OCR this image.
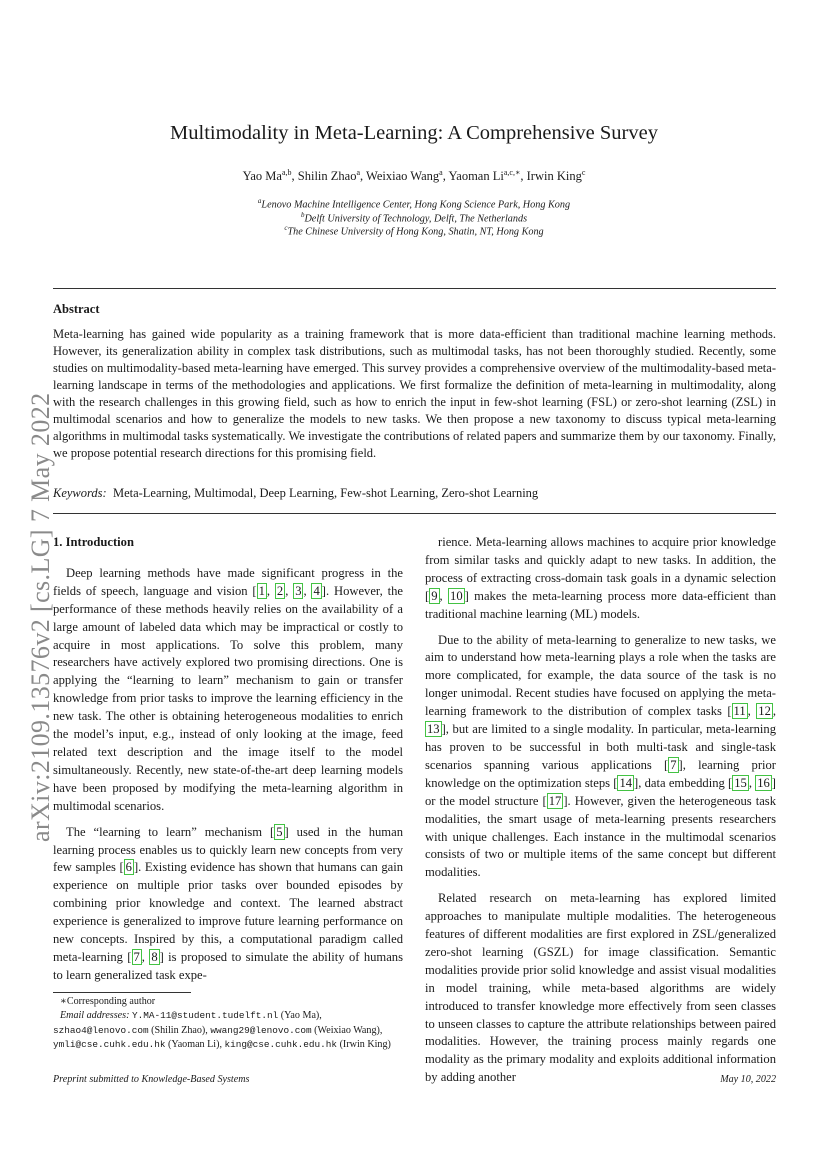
arXiv:2109.13576v2 [cs.LG] 7 May 2022
Multimodality in Meta-Learning: A Comprehensive Survey
Yao Ma$^{a,b}$, Shilin Zhao$^a$, Weixiao Wang$^a$, Yaoman $Li^{a,c,∗}$, Irwin King$^c$
$^a$Lenovo Machine Intelligence Center, Hong Kong Science Park, Hong Kong
$^b$Delft University of Technology, Delft, The Netherlands
$^c$The Chinese University of Hong Kong, Shatin, NT, Hong Kong
Abstract
Meta-learning has gained wide popularity as a training framework that is more data-efficient than traditional machine learning methods. However, its generalization ability in complex task distributions, such as multimodal tasks, has not been thoroughly studied. Recently, some studies on multimodality-based meta-learning have emerged. This survey provides a comprehensive overview of the multimodality-based meta-learning landscape in terms of the methodologies and applications. We first formalize the definition of meta-learning in multimodality, along with the research challenges in this growing field, such as how to enrich the input in few-shot learning (FSL) or zero-shot learning (ZSL) in multimodal scenarios and how to generalize the models to new tasks. We then propose a new taxonomy to discuss typical meta-learning algorithms in multimodal tasks systematically. We investigate the contributions of related papers and summarize them by our taxonomy. Finally, we propose potential research directions for this promising field.
Keywords: Meta-Learning, Multimodal, Deep Learning, Few-shot Learning, Zero-shot Learning

1. Introduction

Deep learning methods have made significant progress in the fields of speech, language and vision [ 1 , 2 , 3 , 4 ]. However, the performance of these methods heavily relies on the availability of a large amount of labeled data which may be impractical or costly to acquire in most applications. To solve this problem, many researchers have actively explored two promising directions. One is applying the “learning to learn” mechanism to gain or transfer knowledge from prior tasks to improve the learning efficiency in the new task. The other is obtaining heterogeneous modalities to enrich the model’s input, e.g., instead of only looking at the image, feed related text description and the image itself to the model simultaneously. Recently, new state-of-the-art deep learning models have been proposed by modifying the meta-learning algorithm in multimodal scenarios.

The “learning to learn” mechanism [ 5 ] used in the human learning process enables us to quickly learn new concepts from very few samples [ 6 ]. Existing evidence has shown that humans can gain experience on multiple prior tasks over bounded episodes by combining prior knowledge and context. The learned abstract experience is generalized to improve future learning performance on new concepts. Inspired by this, a computational paradigm called meta-learning [ 7 , 8 ] is proposed to simulate the ability of humans to learn generalized task expe-

rience. Meta-learning allows machines to acquire prior knowledge from similar tasks and quickly adapt to new tasks. In addition, the process of extracting cross-domain task goals in a dynamic selection [ 9 , 10 ] makes the meta-learning process more data-efficient than traditional machine learning (ML) models.

Due to the ability of meta-learning to generalize to new tasks, we aim to understand how meta-learning plays a role when the tasks are more complicated, for example, the data source of the task is no longer unimodal. Recent studies have focused on applying the meta-learning framework to the distribution of complex tasks [ 11 , 12 , 13 ], but are limited to a single modality. In particular, meta-learning has proven to be successful in both multi-task and single-task scenarios spanning various applications [ 7 ], learning prior knowledge on the optimization steps [ 14 ], data embedding [ 15 , 16 ] or the model structure [ 17 ]. However, given the heterogeneous task modalities, the smart usage of meta-learning presents researchers with unique challenges. Each instance in the multimodal scenarios consists of two or multiple items of the same concept but different modalities.

Related research on meta-learning has explored limited approaches to manipulate multiple modalities. The heterogeneous features of different modalities are first explored in ZSL/generalized zero-shot learning (GSZL) for image classification. Semantic modalities provide prior solid knowledge and assist visual modalities in model training, while meta-based algorithms are widely introduced to transfer knowledge more effectively from seen classes to unseen classes to capture the attribute relationships between paired modalities. However, the training process mainly regards one modality as the primary modality and exploits additional information by adding another

∗Corresponding author

Email addresses: Y.MA-11@student.tudelft.nl (Yao Ma), szhao4@lenovo.com (Shilin Zhao), wwang29@lenovo.com (Weixiao Wang), ymli@cse.cuhk.edu.hk (Yaoman Li), king@cse.cuhk.edu.hk (Irwin King)

Preprint submitted to Knowledge-Based Systems	May 10, 2022
